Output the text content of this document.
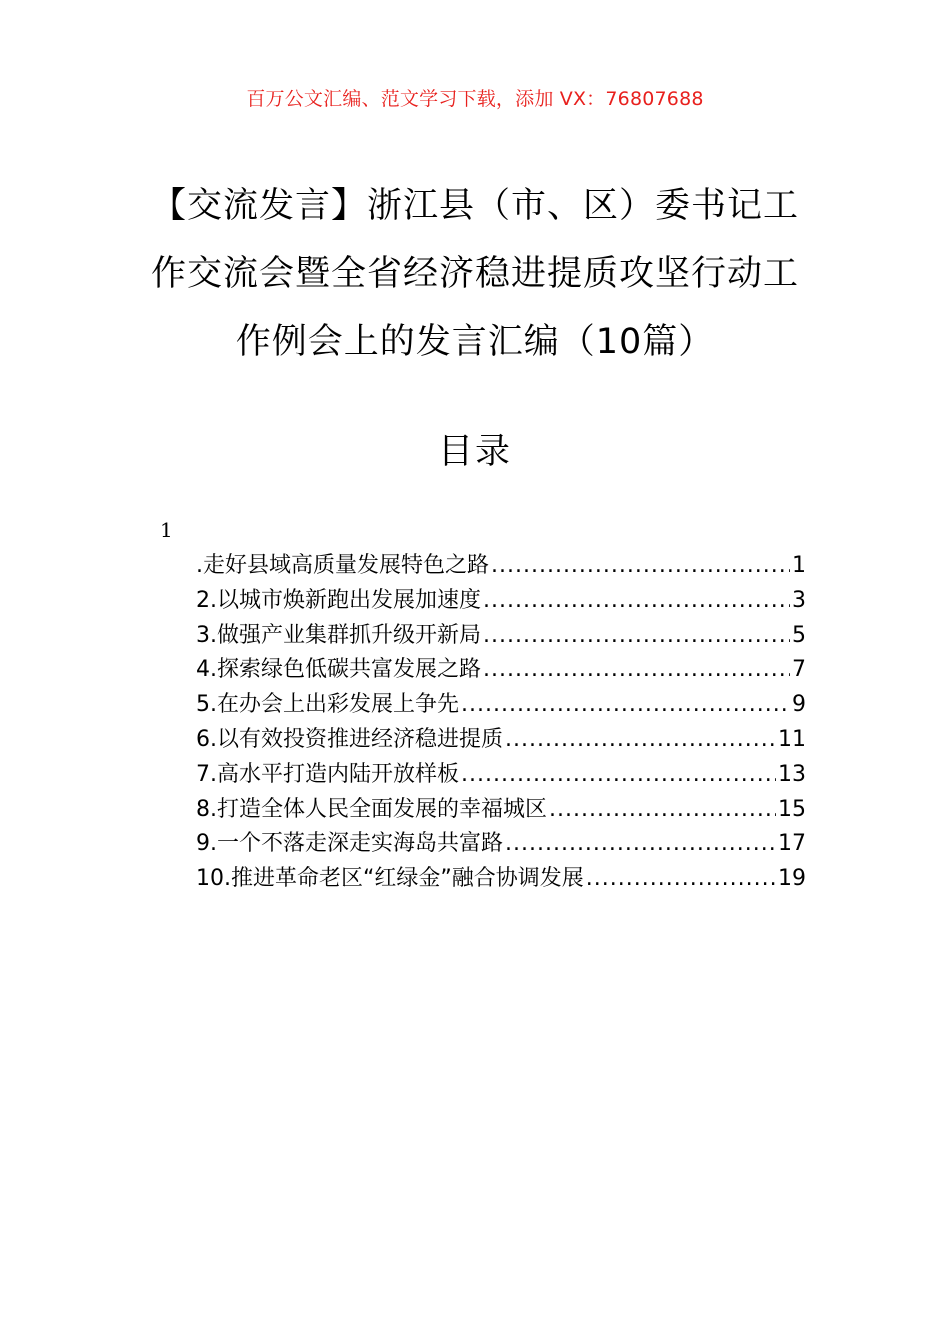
百万公文汇编、范文学习下载，添加 VX：76807688
【交流发言】浙江县（市、区）委书记工
作交流会暨全省经济稳进提质攻坚行动工
作例会上的发言汇编（10篇）
目录
1
.走好县域高质量发展特色之路 .....	1
2.以城市焕新跑出发展加速度 .....	3
3.做强产业集群抓升级开新局 .....	5
4.探索绿色低碳共富发展之路 .....	7
5.在办会上出彩发展上争先 .....	9
6.以有效投资推进经济稳进提质 .....	11
7.高水平打造内陆开放样板 .....	13
8.打造全体人民全面发展的幸福城区 .....	15
9.一个不落走深走实海岛共富路 .....	17
10.推进革命老区“红绿金”融合协调发展 .....	19
